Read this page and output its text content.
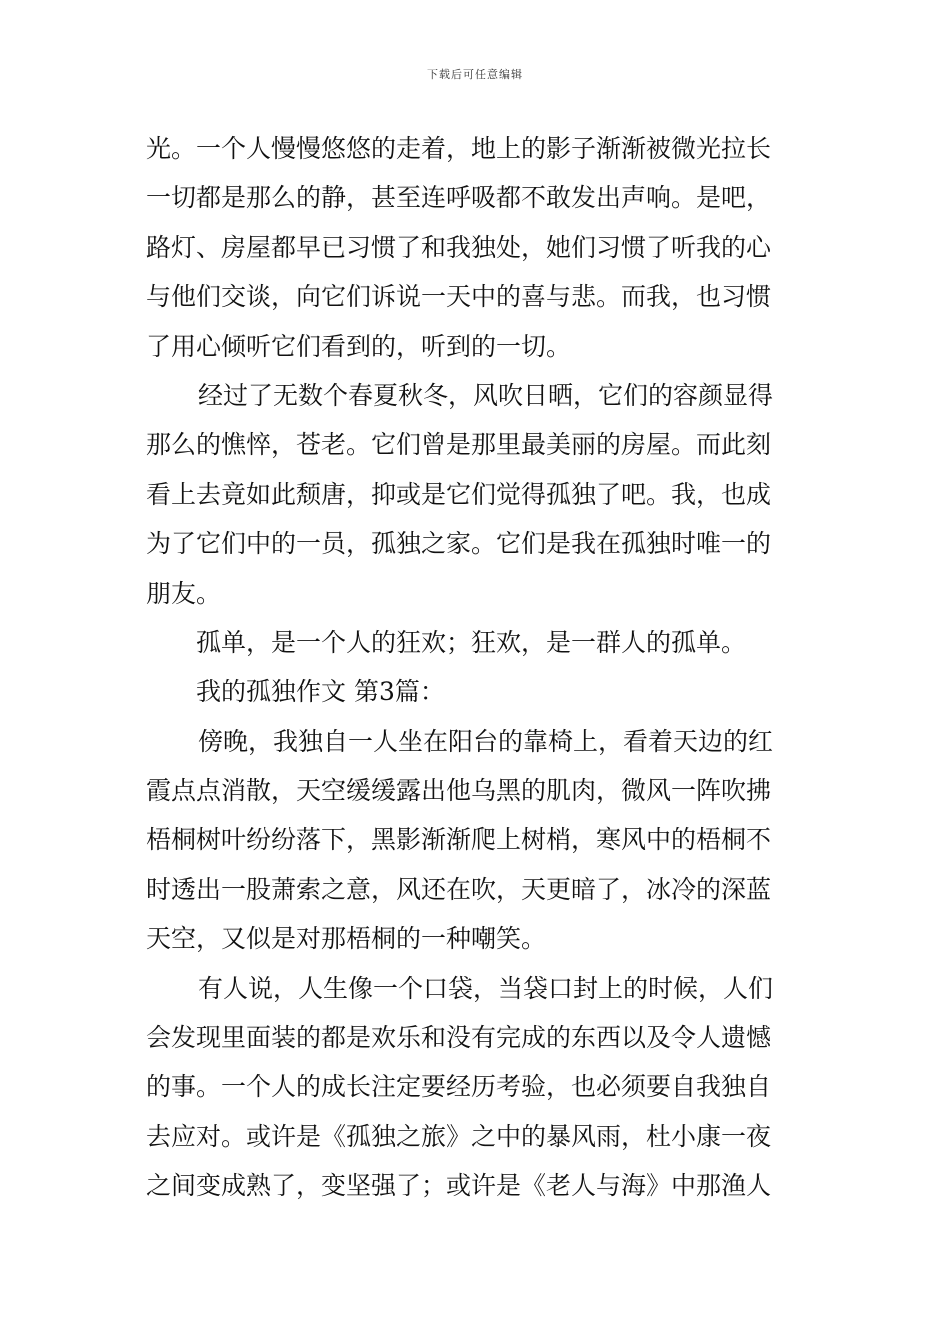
下载后可任意编辑
光。一个人慢慢悠悠的走着，地上的影子渐渐被微光拉长
一切都是那么的静，甚至连呼吸都不敢发出声响。是吧，
路灯、房屋都早已习惯了和我独处，她们习惯了听我的心
与他们交谈，向它们诉说一天中的喜与悲。而我，也习惯
了用心倾听它们看到的，听到的一切。
经过了无数个春夏秋冬，风吹日晒，它们的容颜显得
那么的憔悴，苍老。它们曾是那里最美丽的房屋。而此刻
看上去竟如此颓唐，抑或是它们觉得孤独了吧。我，也成
为了它们中的一员，孤独之家。它们是我在孤独时唯一的
朋友。
孤单，是一个人的狂欢；狂欢，是一群人的孤单。
我的孤独作文 第3篇：
傍晚，我独自一人坐在阳台的靠椅上，看着天边的红
霞点点消散，天空缓缓露出他乌黑的肌肉，微风一阵吹拂
梧桐树叶纷纷落下，黑影渐渐爬上树梢，寒风中的梧桐不
时透出一股萧索之意，风还在吹，天更暗了，冰冷的深蓝
天空，又似是对那梧桐的一种嘲笑。
有人说，人生像一个口袋，当袋口封上的时候，人们
会发现里面装的都是欢乐和没有完成的东西以及令人遗憾
的事。一个人的成长注定要经历考验，也必须要自我独自
去应对。或许是《孤独之旅》之中的暴风雨，杜小康一夜
之间变成熟了，变坚强了；或许是《老人与海》中那渔人
